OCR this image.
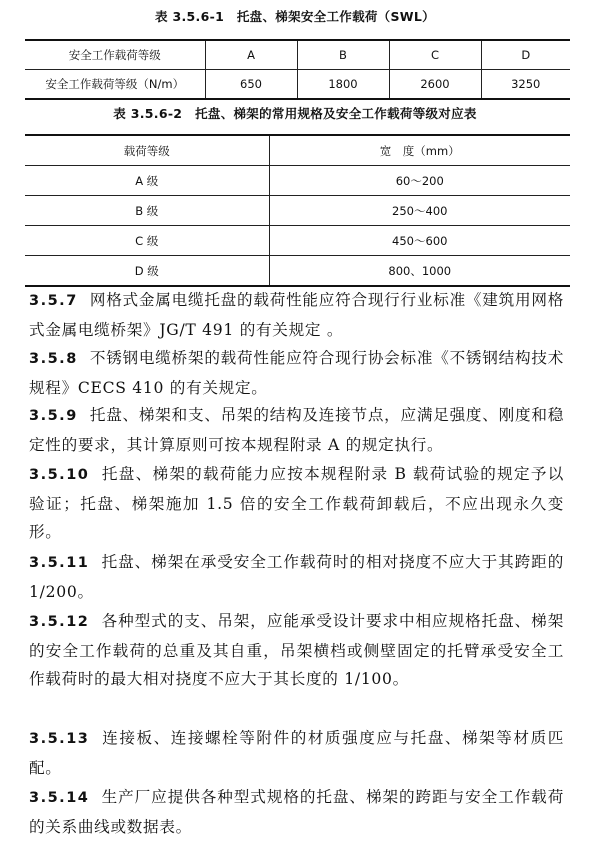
表 3.5.6-1　托盘、梯架安全工作载荷（SWL）
安全工作载荷等级	A	B	C	D
安全工作载荷等级（N/m）	650	1800	2600	3250
表 3.5.6-2　托盘、梯架的常用规格及安全工作载荷等级对应表
载荷等级	宽　度（mm）
A 级	60～200
B 级	250～400
C 级	450～600
D 级	800、1000
3.5.7 网格式金属电缆托盘的载荷性能应符合现行行业标准《建筑用网格式金属电缆桥架》JG/T 491 的有关规定 。
3.5.8 不锈钢电缆桥架的载荷性能应符合现行协会标准《不锈钢结构技术规程》CECS 410 的有关规定。
3.5.9 托盘、梯架和支、吊架的结构及连接节点，应满足强度、刚度和稳定性的要求，其计算原则可按本规程附录 A 的规定执行。
3.5.10 托盘、梯架的载荷能力应按本规程附录 B 载荷试验的规定予以验证；托盘、梯架施加 1.5 倍的安全工作载荷卸载后，不应出现永久变形。
3.5.11 托盘、梯架在承受安全工作载荷时的相对挠度不应大于其跨距的 1/200。
3.5.12 各种型式的支、吊架，应能承受设计要求中相应规格托盘、梯架的安全工作载荷的总重及其自重，吊架横档或侧壁固定的托臂承受安全工作载荷时的最大相对挠度不应大于其长度的 1/100。
3.5.13 连接板、连接螺栓等附件的材质强度应与托盘、梯架等材质匹配。
3.5.14 生产厂应提供各种型式规格的托盘、梯架的跨距与安全工作载荷的关系曲线或数据表。
